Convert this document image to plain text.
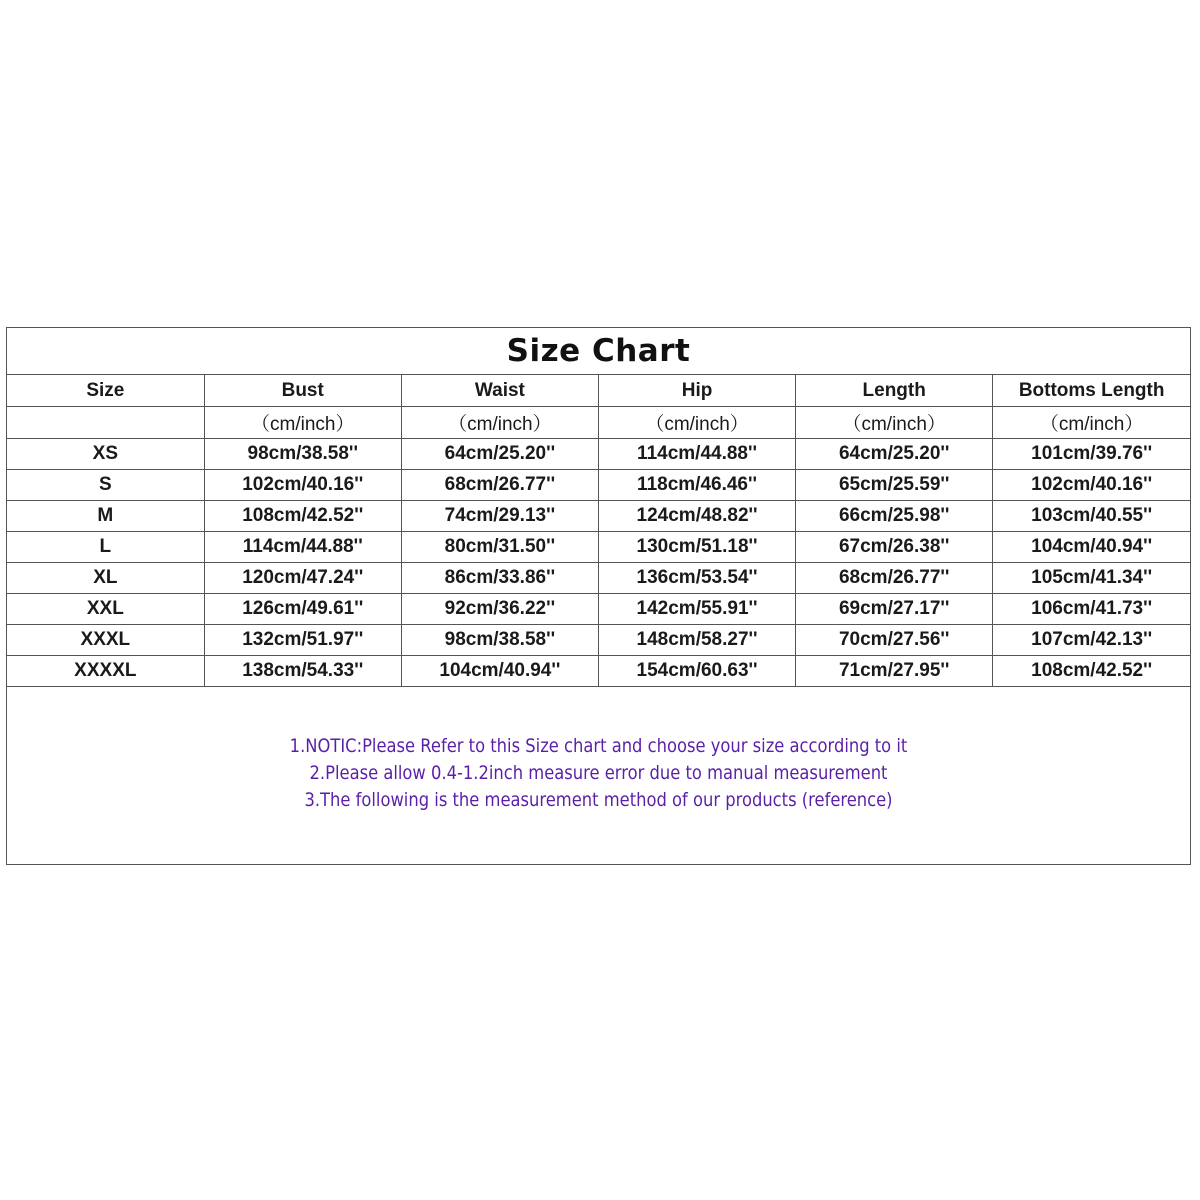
Size Chart
Size	Bust	Waist	Hip	Length	Bottoms Length
	（cm/inch）	（cm/inch）	（cm/inch）	（cm/inch）	（cm/inch）
XS	98cm/38.58''	64cm/25.20''	114cm/44.88''	64cm/25.20''	101cm/39.76''
S	102cm/40.16''	68cm/26.77''	118cm/46.46''	65cm/25.59''	102cm/40.16''
M	108cm/42.52''	74cm/29.13''	124cm/48.82''	66cm/25.98''	103cm/40.55''
L	114cm/44.88''	80cm/31.50''	130cm/51.18''	67cm/26.38''	104cm/40.94''
XL	120cm/47.24''	86cm/33.86''	136cm/53.54''	68cm/26.77''	105cm/41.34''
XXL	126cm/49.61''	92cm/36.22''	142cm/55.91''	69cm/27.17''	106cm/41.73''
XXXL	132cm/51.97''	98cm/38.58''	148cm/58.27''	70cm/27.56''	107cm/42.13''
XXXXL	138cm/54.33''	104cm/40.94''	154cm/60.63''	71cm/27.95''	108cm/42.52''
1.NOTIC:Please Refer to this Size chart and choose your size according to it
2.Please allow 0.4-1.2inch measure error due to manual measurement
3.The following is the measurement method of our products (reference)
